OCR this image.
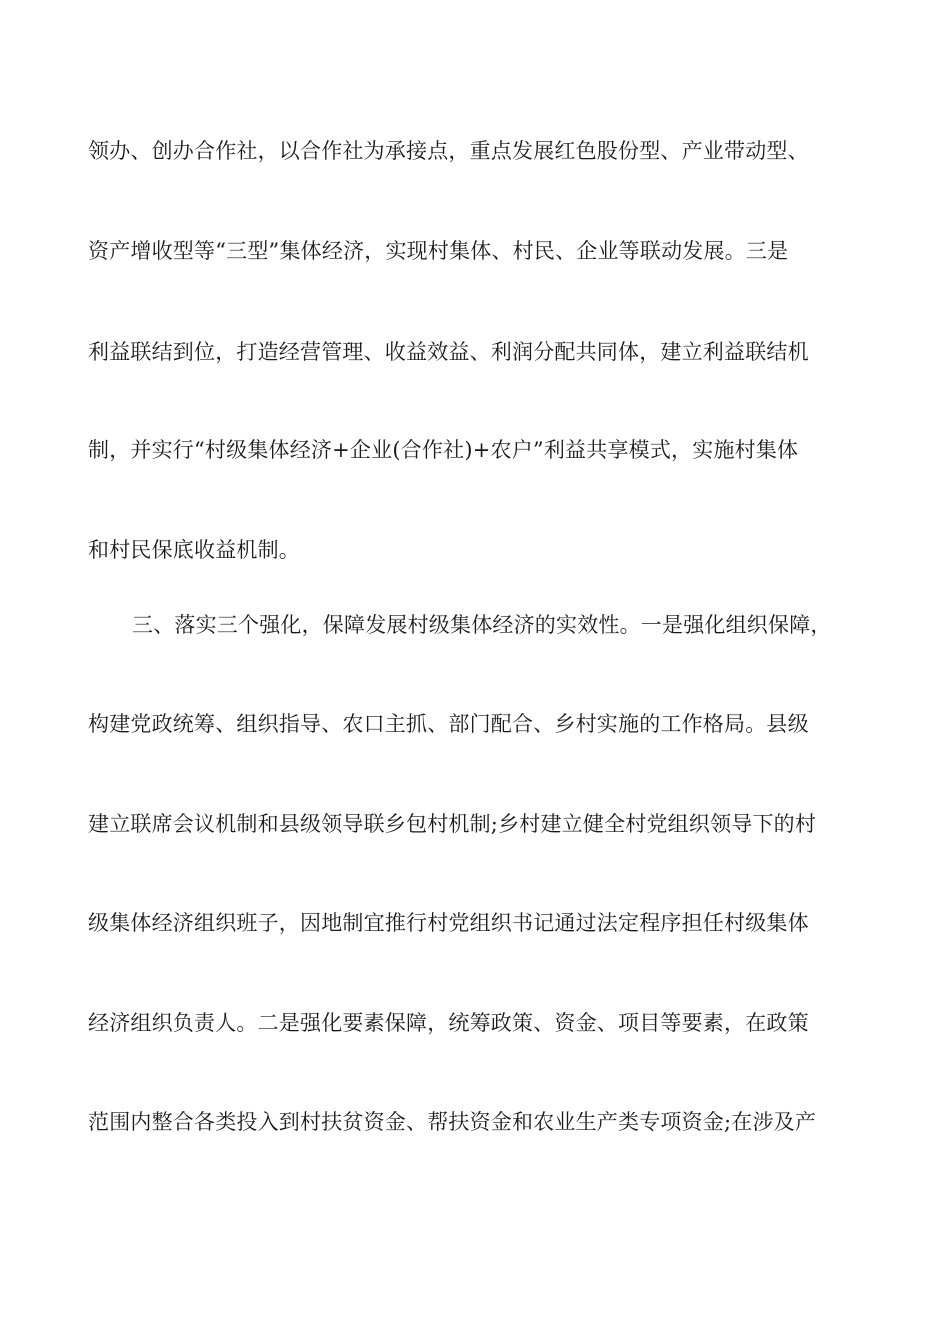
领办、创办合作社，以合作社为承接点，重点发展红色股份型、产业带动型、
资产增收型等“三型”集体经济，实现村集体、村民、企业等联动发展。三是
利益联结到位，打造经营管理、收益效益、利润分配共同体，建立利益联结机
制，并实行“村级集体经济+企业(合作社)+农户”利益共享模式，实施村集体
和村民保底收益机制。
三、落实三个强化，保障发展村级集体经济的实效性。一是强化组织保障，
构建党政统筹、组织指导、农口主抓、部门配合、乡村实施的工作格局。县级
建立联席会议机制和县级领导联乡包村机制;乡村建立健全村党组织领导下的村
级集体经济组织班子，因地制宜推行村党组织书记通过法定程序担任村级集体
经济组织负责人。二是强化要素保障，统筹政策、资金、项目等要素，在政策
范围内整合各类投入到村扶贫资金、帮扶资金和农业生产类专项资金;在涉及产
